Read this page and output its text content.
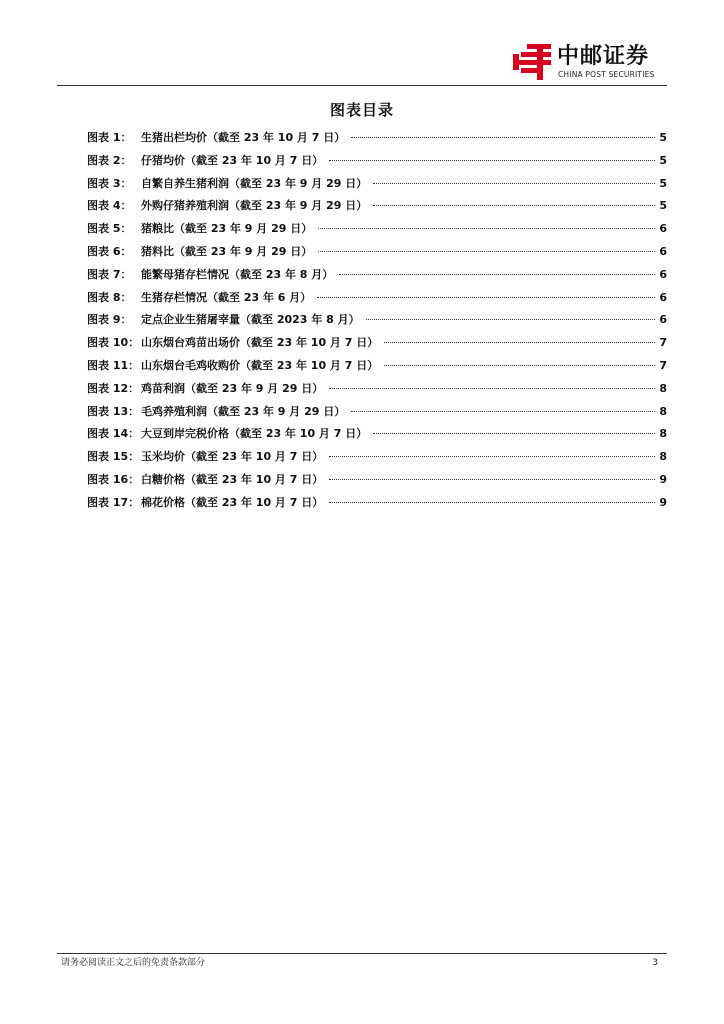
中邮证券
CHINA POST SECURITIES
图表目录
图表 1： 生猪出栏均价（截至 23 年 10 月 7 日）	5
图表 2： 仔猪均价（截至 23 年 10 月 7 日）	5
图表 3： 自繁自养生猪利润（截至 23 年 9 月 29 日）	5
图表 4： 外购仔猪养殖利润（截至 23 年 9 月 29 日）	5
图表 5： 猪粮比（截至 23 年 9 月 29 日）	6
图表 6： 猪料比（截至 23 年 9 月 29 日）	6
图表 7： 能繁母猪存栏情况（截至 23 年 8 月）	6
图表 8： 生猪存栏情况（截至 23 年 6 月）	6
图表 9： 定点企业生猪屠宰量（截至 2023 年 8 月）	6
图表 10： 山东烟台鸡苗出场价（截至 23 年 10 月 7 日）	7
图表 11： 山东烟台毛鸡收购价（截至 23 年 10 月 7 日）	7
图表 12： 鸡苗利润（截至 23 年 9 月 29 日）	8
图表 13： 毛鸡养殖利润（截至 23 年 9 月 29 日）	8
图表 14： 大豆到岸完税价格（截至 23 年 10 月 7 日）	8
图表 15： 玉米均价（截至 23 年 10 月 7 日）	8
图表 16： 白糖价格（截至 23 年 10 月 7 日）	9
图表 17： 棉花价格（截至 23 年 10 月 7 日）	9
请务必阅读正文之后的免责条款部分	3
